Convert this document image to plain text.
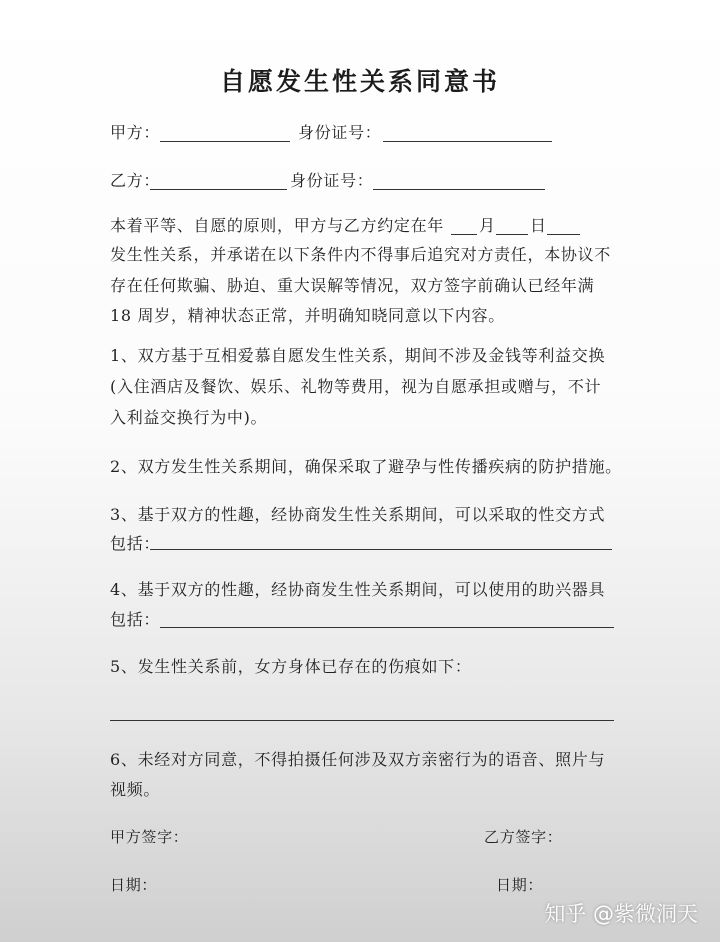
自愿发生性关系同意书
甲方：	身份证号：
乙方：	身份证号：
本着平等、自愿的原则，甲方与乙方约定在年 月 日
发生性关系，并承诺在以下条件内不得事后追究对方责任，本协议不
存在任何欺骗、胁迫、重大误解等情况，双方签字前确认已经年满
18 周岁，精神状态正常，并明确知晓同意以下内容。
1、双方基于互相爱慕自愿发生性关系，期间不涉及金钱等利益交换
(入住酒店及餐饮、娱乐、礼物等费用，视为自愿承担或赠与，不计
入利益交换行为中)。
2、双方发生性关系期间，确保采取了避孕与性传播疾病的防护措施。
3、基于双方的性趣，经协商发生性关系期间，可以采取的性交方式
包括：
4、基于双方的性趣，经协商发生性关系期间，可以使用的助兴器具
包括：
5、发生性关系前，女方身体已存在的伤痕如下：
6、未经对方同意，不得拍摄任何涉及双方亲密行为的语音、照片与
视频。
甲方签字：	乙方签字：
日期：	日期：
知乎 @紫微洞天
